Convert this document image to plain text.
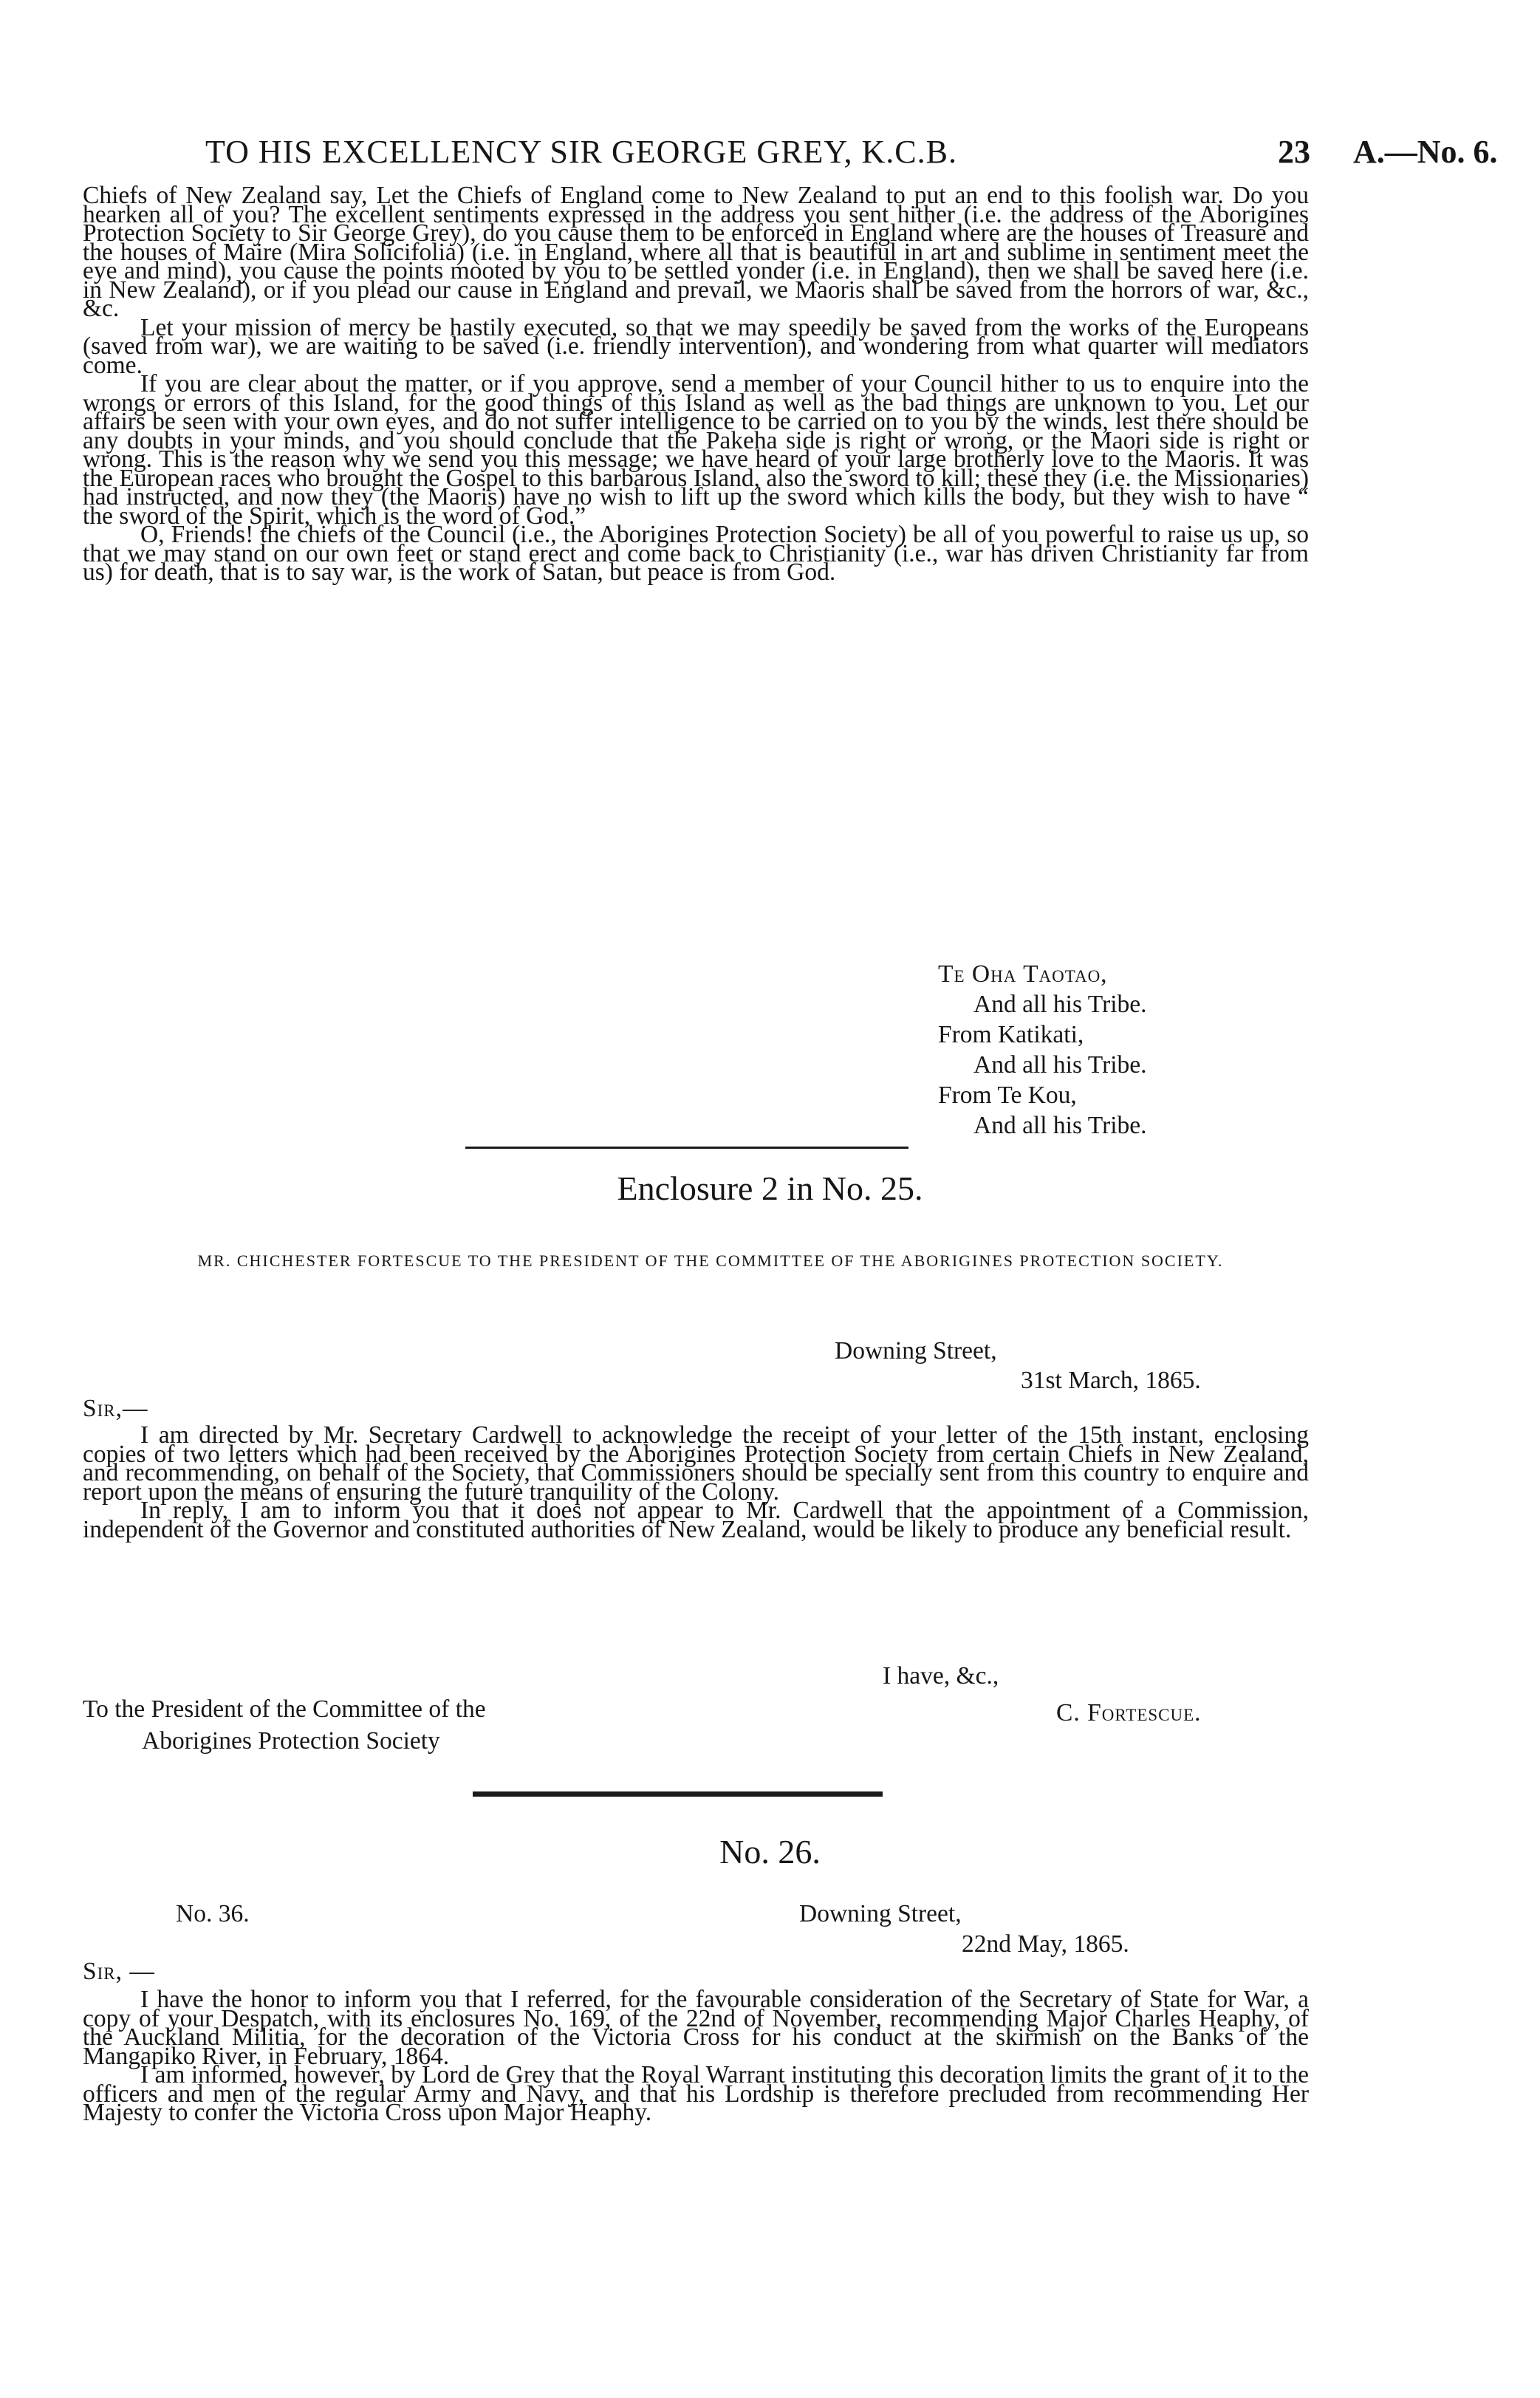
TO HIS EXCELLENCY SIR GEORGE GREY, K.C.B.	23 A.—No. 6.

Chiefs of New Zealand say, Let the Chiefs of England come to New Zealand to put an end to this foolish war. Do you hearken all of you? The excellent sentiments expressed in the address you sent hither (i.e. the address of the Aborigines Protection Society to Sir George Grey), do you cause them to be enforced in England where are the houses of Treasure and the houses of Maire (Mira Solicifolia) (i.e. in England, where all that is beautiful in art and sublime in sentiment meet the eye and mind), you cause the points mooted by you to be settled yonder (i.e. in England), then we shall be saved here (i.e. in New Zealand), or if you plead our cause in England and prevail, we Maoris shall be saved from the horrors of war, &c., &c.

Let your mission of mercy be hastily executed, so that we may speedily be saved from the works of the Europeans (saved from war), we are waiting to be saved (i.e. friendly intervention), and wondering from what quarter will mediators come.

If you are clear about the matter, or if you approve, send a member of your Council hither to us to enquire into the wrongs or errors of this Island, for the good things of this Island as well as the bad things are unknown to you. Let our affairs be seen with your own eyes, and do not suffer intelligence to be carried on to you by the winds, lest there should be any doubts in your minds, and you should conclude that the Pakeha side is right or wrong, or the Maori side is right or wrong. This is the reason why we send you this message; we have heard of your large brotherly love to the Maoris. It was the European races who brought the Gospel to this barbarous Island, also the sword to kill; these they (i.e. the Missionaries) had instructed, and now they (the Maoris) have no wish to lift up the sword which kills the body, but they wish to have “ the sword of the Spirit, which is the word of God.”

O, Friends! the chiefs of the Council (i.e., the Aborigines Protection Society) be all of you powerful to raise us up, so that we may stand on our own feet or stand erect and come back to Christianity (i.e., war has driven Christianity far from us) for death, that is to say war, is the work of Satan, but peace is from God.

Te Oha Taotao,
And all his Tribe.
From Katikati,
And all his Tribe.
From Te Kou,
And all his Tribe.
Enclosure 2 in No. 25.
MR. CHICHESTER FORTESCUE TO THE PRESIDENT OF THE COMMITTEE OF THE ABORIGINES PROTECTION SOCIETY.
Downing Street,
31st March, 1865.
Sir,—

I am directed by Mr. Secretary Cardwell to acknowledge the receipt of your letter of the 15th instant, enclosing copies of two letters which had been received by the Aborigines Protection Society from certain Chiefs in New Zealand, and recommending, on behalf of the Society, that Commissioners should be specially sent from this country to enquire and report upon the means of ensuring the future tranquility of the Colony.

In reply, I am to inform you that it does not appear to Mr. Cardwell that the appointment of a Commission, independent of the Governor and constituted authorities of New Zealand, would be likely to produce any beneficial result.

I have, &c.,
To the President of the Committee of the
Aborigines Protection Society
C. Fortescue.
No. 26.
No. 36.	Downing Street,
22nd May, 1865.
Sir, —

I have the honor to inform you that I referred, for the favourable consideration of the Secretary of State for War, a copy of your Despatch, with its enclosures No. 169, of the 22nd of November, recommending Major Charles Heaphy, of the Auckland Militia, for the decoration of the Victoria Cross for his conduct at the skirmish on the Banks of the Mangapiko River, in February, 1864.

I am informed, however, by Lord de Grey that the Royal Warrant instituting this decoration limits the grant of it to the officers and men of the regular Army and Navy, and that his Lordship is therefore precluded from recommending Her Majesty to confer the Victoria Cross upon Major Heaphy.
